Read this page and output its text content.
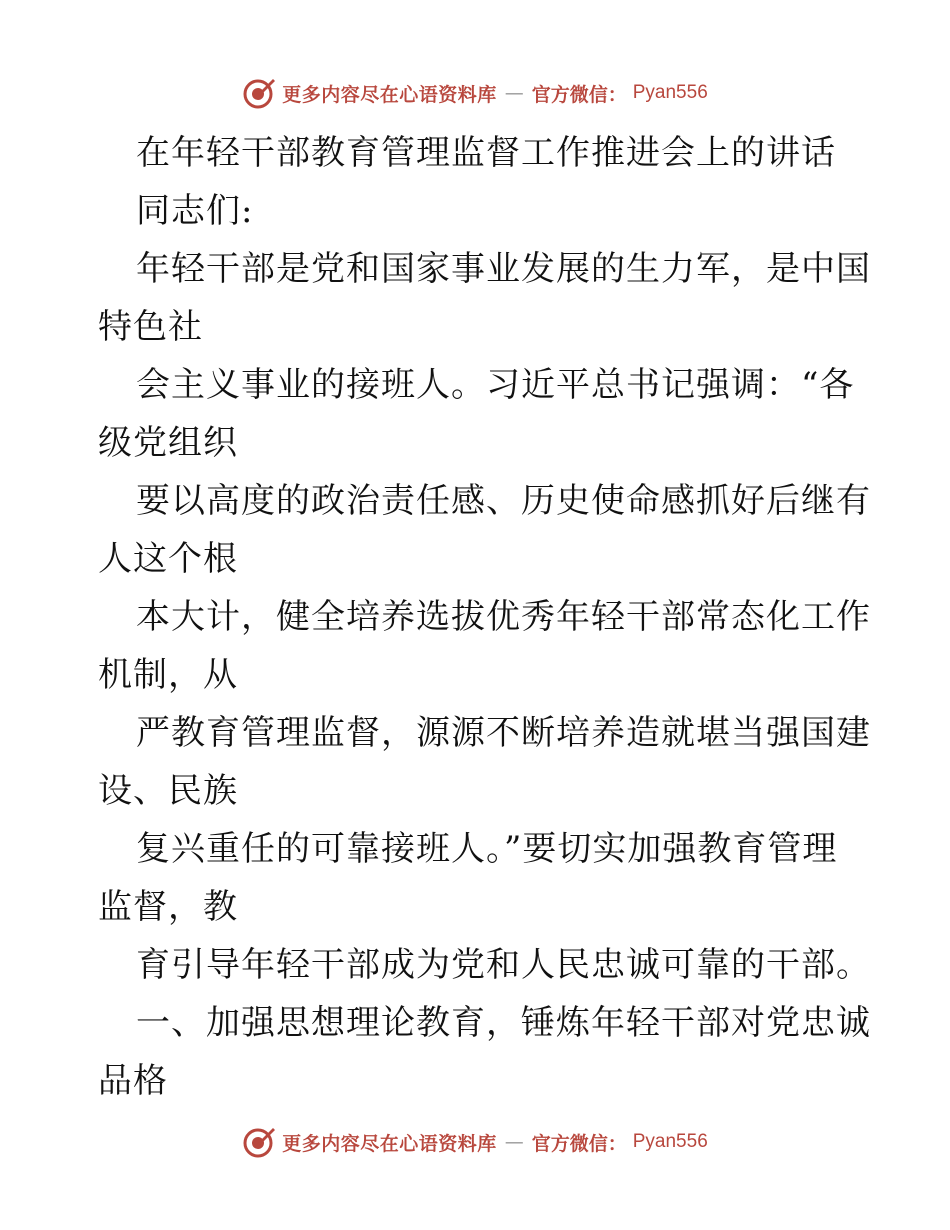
更多内容尽在心语资料库 — 官方微信： Pyan556
在年轻干部教育管理监督工作推进会上的讲话
同志们:
年轻干部是党和国家事业发展的生力军，是中国
特色社
会主义事业的接班人。习近平总书记强调：“各
级党组织
要以高度的政治责任感、历史使命感抓好后继有
人这个根
本大计，健全培养选拔优秀年轻干部常态化工作
机制，从
严教育管理监督，源源不断培养造就堪当强国建
设、民族
复兴重任的可靠接班人。”要切实加强教育管理
监督，教
育引导年轻干部成为党和人民忠诚可靠的干部。
一、加强思想理论教育，锤炼年轻干部对党忠诚
品格
更多内容尽在心语资料库 — 官方微信： Pyan556
